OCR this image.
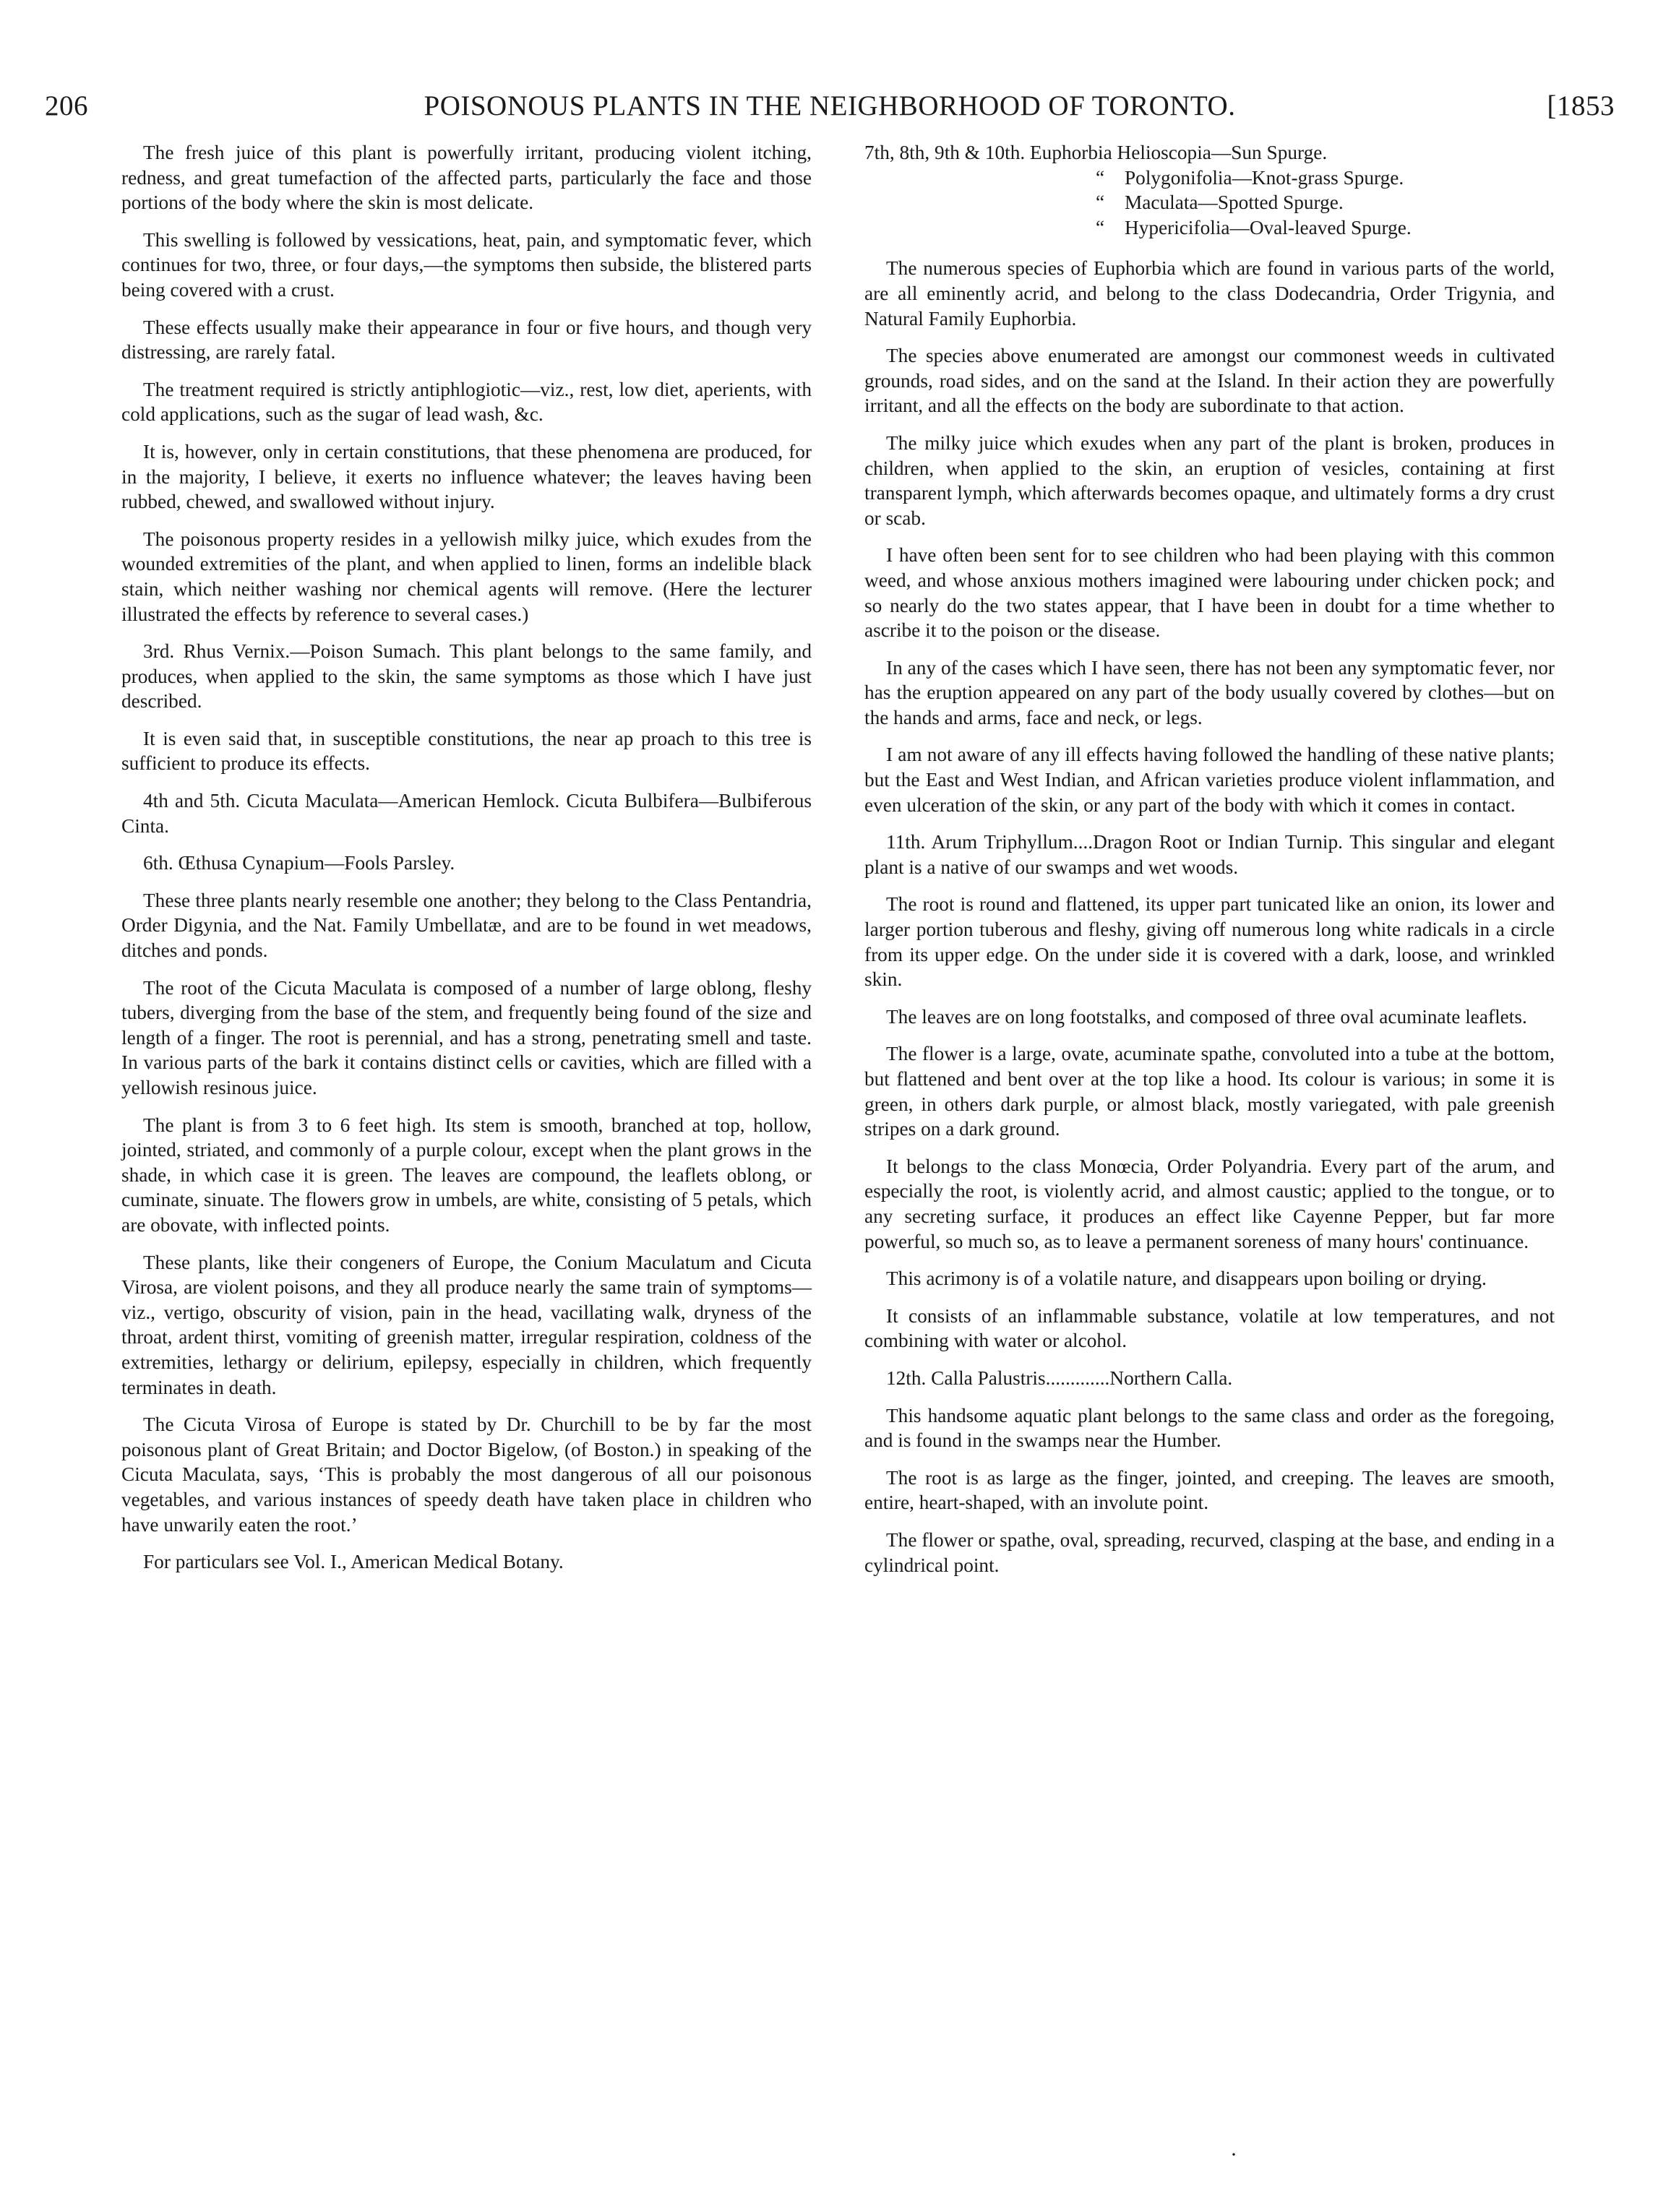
206	POISONOUS PLANTS IN THE NEIGHBORHOOD OF TORONTO.	[1853

The fresh juice of this plant is powerfully irritant, producing violent itching, redness, and great tumefaction of the affected parts, particularly the face and those portions of the body where the skin is most delicate.

This swelling is followed by vessications, heat, pain, and symptomatic fever, which continues for two, three, or four days,—the symptoms then subside, the blistered parts being covered with a crust.

These effects usually make their appearance in four or five hours, and though very distressing, are rarely fatal.

The treatment required is strictly antiphlogiotic—viz., rest, low diet, aperients, with cold applications, such as the sugar of lead wash, &c.

It is, however, only in certain constitutions, that these phenomena are produced, for in the majority, I believe, it exerts no influence whatever; the leaves having been rubbed, chewed, and swallowed without injury.

The poisonous property resides in a yellowish milky juice, which exudes from the wounded extremities of the plant, and when applied to linen, forms an indelible black stain, which neither washing nor chemical agents will remove. (Here the lecturer illustrated the effects by reference to several cases.)

3rd. Rhus Vernix.—Poison Sumach. This plant belongs to the same family, and produces, when applied to the skin, the same symptoms as those which I have just described.

It is even said that, in susceptible constitutions, the near ap proach to this tree is sufficient to produce its effects.

4th and 5th. Cicuta Maculata—American Hemlock. Cicuta Bulbifera—Bulbiferous Cinta.

6th. Œthusa Cynapium—Fools Parsley.

These three plants nearly resemble one another; they belong to the Class Pentandria, Order Digynia, and the Nat. Family Umbellatæ, and are to be found in wet meadows, ditches and ponds.

The root of the Cicuta Maculata is composed of a number of large oblong, fleshy tubers, diverging from the base of the stem, and frequently being found of the size and length of a finger. The root is perennial, and has a strong, penetrating smell and taste. In various parts of the bark it contains distinct cells or cavities, which are filled with a yellowish resinous juice.

The plant is from 3 to 6 feet high. Its stem is smooth, branched at top, hollow, jointed, striated, and commonly of a purple colour, except when the plant grows in the shade, in which case it is green. The leaves are compound, the leaflets oblong, or cuminate, sinuate. The flowers grow in umbels, are white, consisting of 5 petals, which are obovate, with inflected points.

These plants, like their congeners of Europe, the Conium Maculatum and Cicuta Virosa, are violent poisons, and they all produce nearly the same train of symptoms—viz., vertigo, obscurity of vision, pain in the head, vacillating walk, dryness of the throat, ardent thirst, vomiting of greenish matter, irregular respiration, coldness of the extremities, lethargy or delirium, epilepsy, especially in children, which frequently terminates in death.

The Cicuta Virosa of Europe is stated by Dr. Churchill to be by far the most poisonous plant of Great Britain; and Doctor Bigelow, (of Boston.) in speaking of the Cicuta Maculata, says, ‘This is probably the most dangerous of all our poisonous vegetables, and various instances of speedy death have taken place in children who have unwarily eaten the root.’

For particulars see Vol. I., American Medical Botany.

7th, 8th, 9th & 10th. Euphorbia Helioscopia—Sun Spurge.
“ Polygonifolia—Knot-grass Spurge.
“ Maculata—Spotted Spurge.
“ Hypericifolia—Oval-leaved Spurge.

The numerous species of Euphorbia which are found in various parts of the world, are all eminently acrid, and belong to the class Dodecandria, Order Trigynia, and Natural Family Euphorbia.

The species above enumerated are amongst our commonest weeds in cultivated grounds, road sides, and on the sand at the Island. In their action they are powerfully irritant, and all the effects on the body are subordinate to that action.

The milky juice which exudes when any part of the plant is broken, produces in children, when applied to the skin, an eruption of vesicles, containing at first transparent lymph, which afterwards becomes opaque, and ultimately forms a dry crust or scab.

I have often been sent for to see children who had been playing with this common weed, and whose anxious mothers imagined were labouring under chicken pock; and so nearly do the two states appear, that I have been in doubt for a time whether to ascribe it to the poison or the disease.

In any of the cases which I have seen, there has not been any symptomatic fever, nor has the eruption appeared on any part of the body usually covered by clothes—but on the hands and arms, face and neck, or legs.

I am not aware of any ill effects having followed the handling of these native plants; but the East and West Indian, and African varieties produce violent inflammation, and even ulceration of the skin, or any part of the body with which it comes in contact.

11th. Arum Triphyllum....Dragon Root or Indian Turnip. This singular and elegant plant is a native of our swamps and wet woods.

The root is round and flattened, its upper part tunicated like an onion, its lower and larger portion tuberous and fleshy, giving off numerous long white radicals in a circle from its upper edge. On the under side it is covered with a dark, loose, and wrinkled skin.

The leaves are on long footstalks, and composed of three oval acuminate leaflets.

The flower is a large, ovate, acuminate spathe, convoluted into a tube at the bottom, but flattened and bent over at the top like a hood. Its colour is various; in some it is green, in others dark purple, or almost black, mostly variegated, with pale greenish stripes on a dark ground.

It belongs to the class Monœcia, Order Polyandria. Every part of the arum, and especially the root, is violently acrid, and almost caustic; applied to the tongue, or to any secreting surface, it produces an effect like Cayenne Pepper, but far more powerful, so much so, as to leave a permanent soreness of many hours' continuance.

This acrimony is of a volatile nature, and disappears upon boiling or drying.

It consists of an inflammable substance, volatile at low temperatures, and not combining with water or alcohol.

12th. Calla Palustris.............Northern Calla.

This handsome aquatic plant belongs to the same class and order as the foregoing, and is found in the swamps near the Humber.

The root is as large as the finger, jointed, and creeping. The leaves are smooth, entire, heart-shaped, with an involute point.

The flower or spathe, oval, spreading, recurved, clasping at the base, and ending in a cylindrical point.

·
